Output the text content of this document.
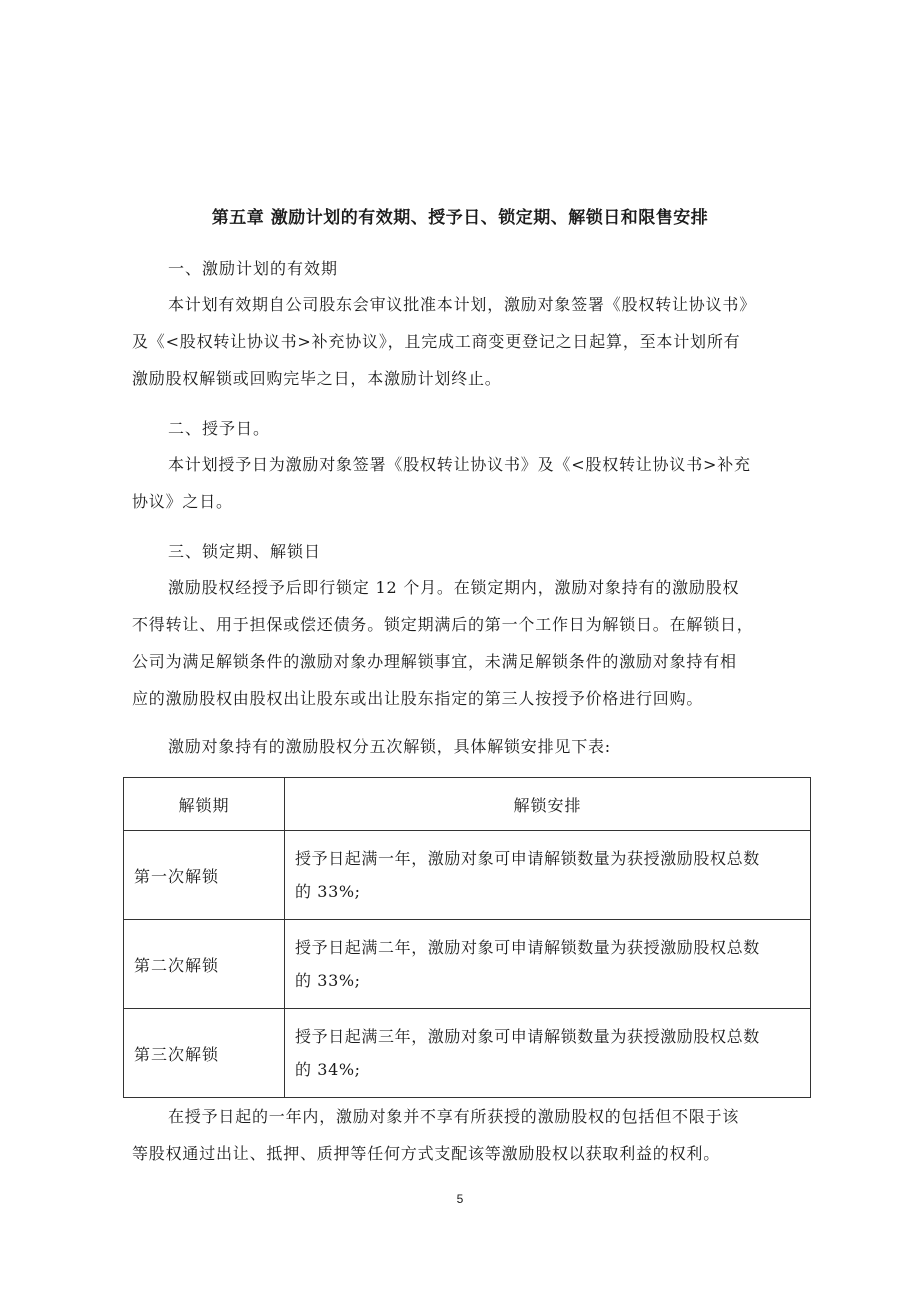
第五章 激励计划的有效期、授予日、锁定期、解锁日和限售安排
一、激励计划的有效期
本计划有效期自公司股东会审议批准本计划，激励对象签署《股权转让协议书》
及《<股权转让协议书>补充协议》，且完成工商变更登记之日起算，至本计划所有
激励股权解锁或回购完毕之日，本激励计划终止。
二、授予日。
本计划授予日为激励对象签署《股权转让协议书》及《<股权转让协议书>补充
协议》之日。
三、锁定期、解锁日
激励股权经授予后即行锁定 12 个月。在锁定期内，激励对象持有的激励股权
不得转让、用于担保或偿还债务。锁定期满后的第一个工作日为解锁日。在解锁日，
公司为满足解锁条件的激励对象办理解锁事宜，未满足解锁条件的激励对象持有相
应的激励股权由股权出让股东或出让股东指定的第三人按授予价格进行回购。
激励对象持有的激励股权分五次解锁，具体解锁安排见下表:
解锁期	解锁安排
第一次解锁	授予日起满一年，激励对象可申请解锁数量为获授激励股权总数
的 33%;

第二次解锁	授予日起满二年，激励对象可申请解锁数量为获授激励股权总数
的 33%;

第三次解锁	授予日起满三年，激励对象可申请解锁数量为获授激励股权总数
的 34%;
在授予日起的一年内，激励对象并不享有所获授的激励股权的包括但不限于该
等股权通过出让、抵押、质押等任何方式支配该等激励股权以获取利益的权利。
5
